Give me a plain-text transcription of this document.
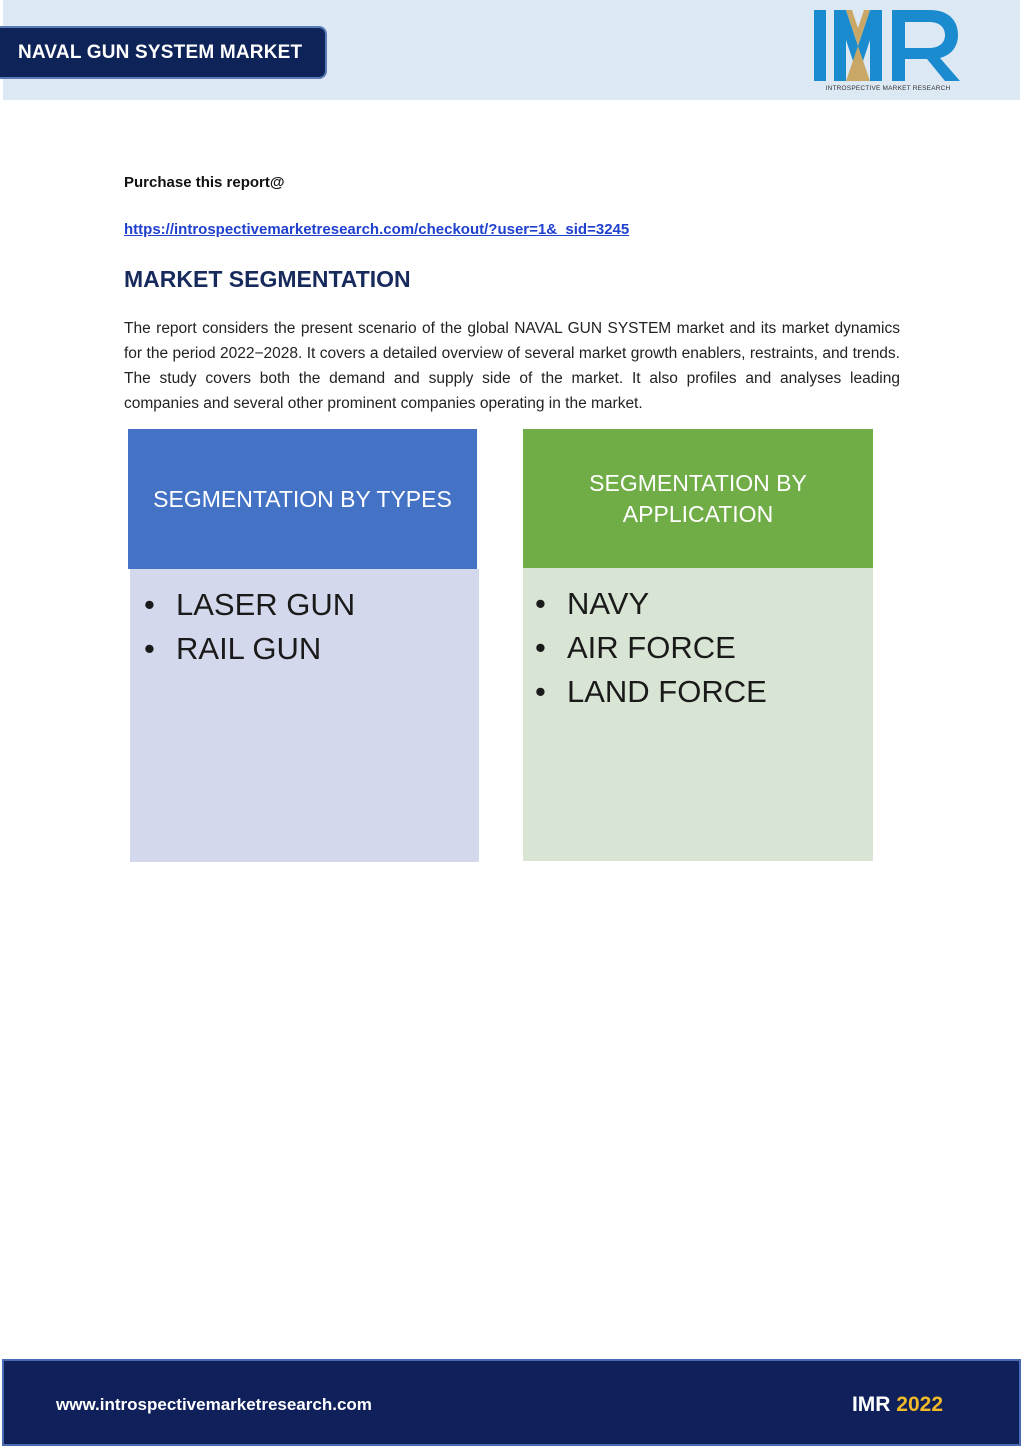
NAVAL GUN SYSTEM MARKET
INTROSPECTIVE MARKET RESEARCH
Purchase this report@
https://introspectivemarketresearch.com/checkout/?user=1&_sid=3245
MARKET SEGMENTATION

The report considers the present scenario of the global NAVAL GUN SYSTEM market and its market dynamics for the period 2022−2028. It covers a detailed overview of several market growth enablers, restraints, and trends. The study covers both the demand and supply side of the market. It also profiles and analyses leading companies and several other prominent companies operating in the market.

SEGMENTATION BY TYPES
• LASER GUN
• RAIL GUN
SEGMENTATION BY APPLICATION
• NAVY
• AIR FORCE
• LAND FORCE
www.introspectivemarketresearch.com	IMR 2022
